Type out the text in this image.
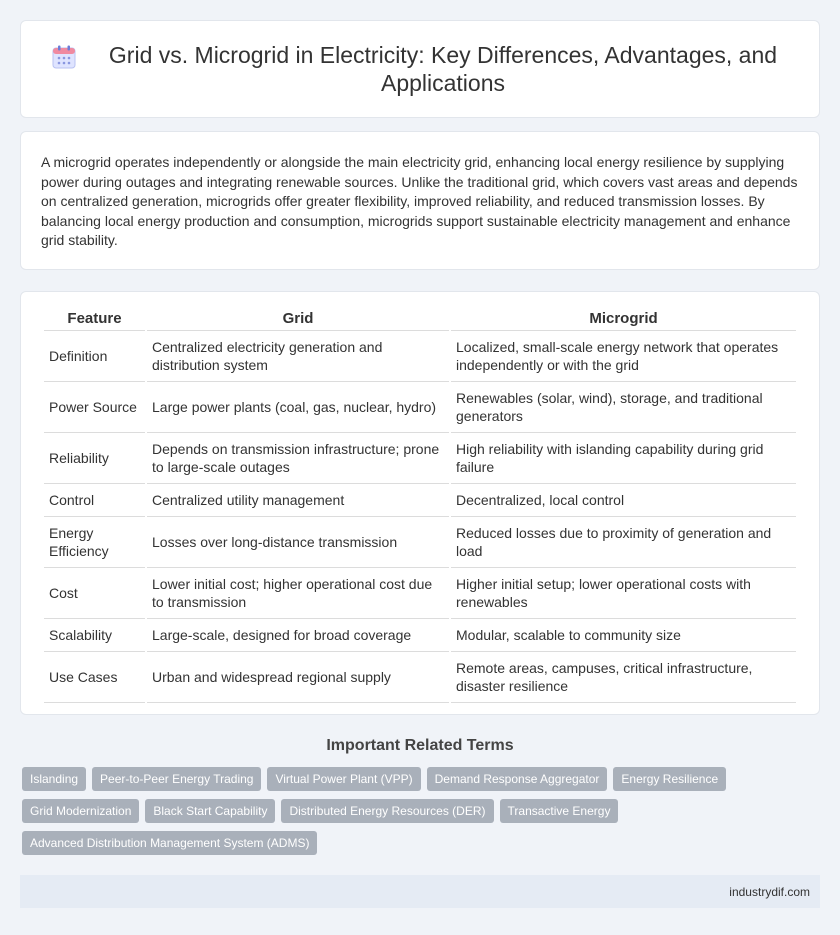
Grid vs. Microgrid in Electricity: Key Differences, Advantages, and Applications

A microgrid operates independently or alongside the main electricity grid, enhancing local energy resilience by supplying power during outages and integrating renewable sources. Unlike the traditional grid, which covers vast areas and depends on centralized generation, microgrids offer greater flexibility, improved reliability, and reduced transmission losses. By balancing local energy production and consumption, microgrids support sustainable electricity management and enhance grid stability.

Feature	Grid	Microgrid
Definition	Centralized electricity generation and distribution system	Localized, small-scale energy network that operates independently or with the grid
Power Source	Large power plants (coal, gas, nuclear, hydro)	Renewables (solar, wind), storage, and traditional generators
Reliability	Depends on transmission infrastructure; prone to large-scale outages	High reliability with islanding capability during grid failure
Control	Centralized utility management	Decentralized, local control
Energy Efficiency	Losses over long-distance transmission	Reduced losses due to proximity of generation and load
Cost	Lower initial cost; higher operational cost due to transmission	Higher initial setup; lower operational costs with renewables
Scalability	Large-scale, designed for broad coverage	Modular, scalable to community size
Use Cases	Urban and widespread regional supply	Remote areas, campuses, critical infrastructure, disaster resilience
Important Related Terms
Islanding	Peer-to-Peer Energy Trading	Virtual Power Plant (VPP)	Demand Response Aggregator	Energy Resilience
Grid Modernization	Black Start Capability	Distributed Energy Resources (DER)	Transactive Energy
Advanced Distribution Management System (ADMS)
industrydif.com
